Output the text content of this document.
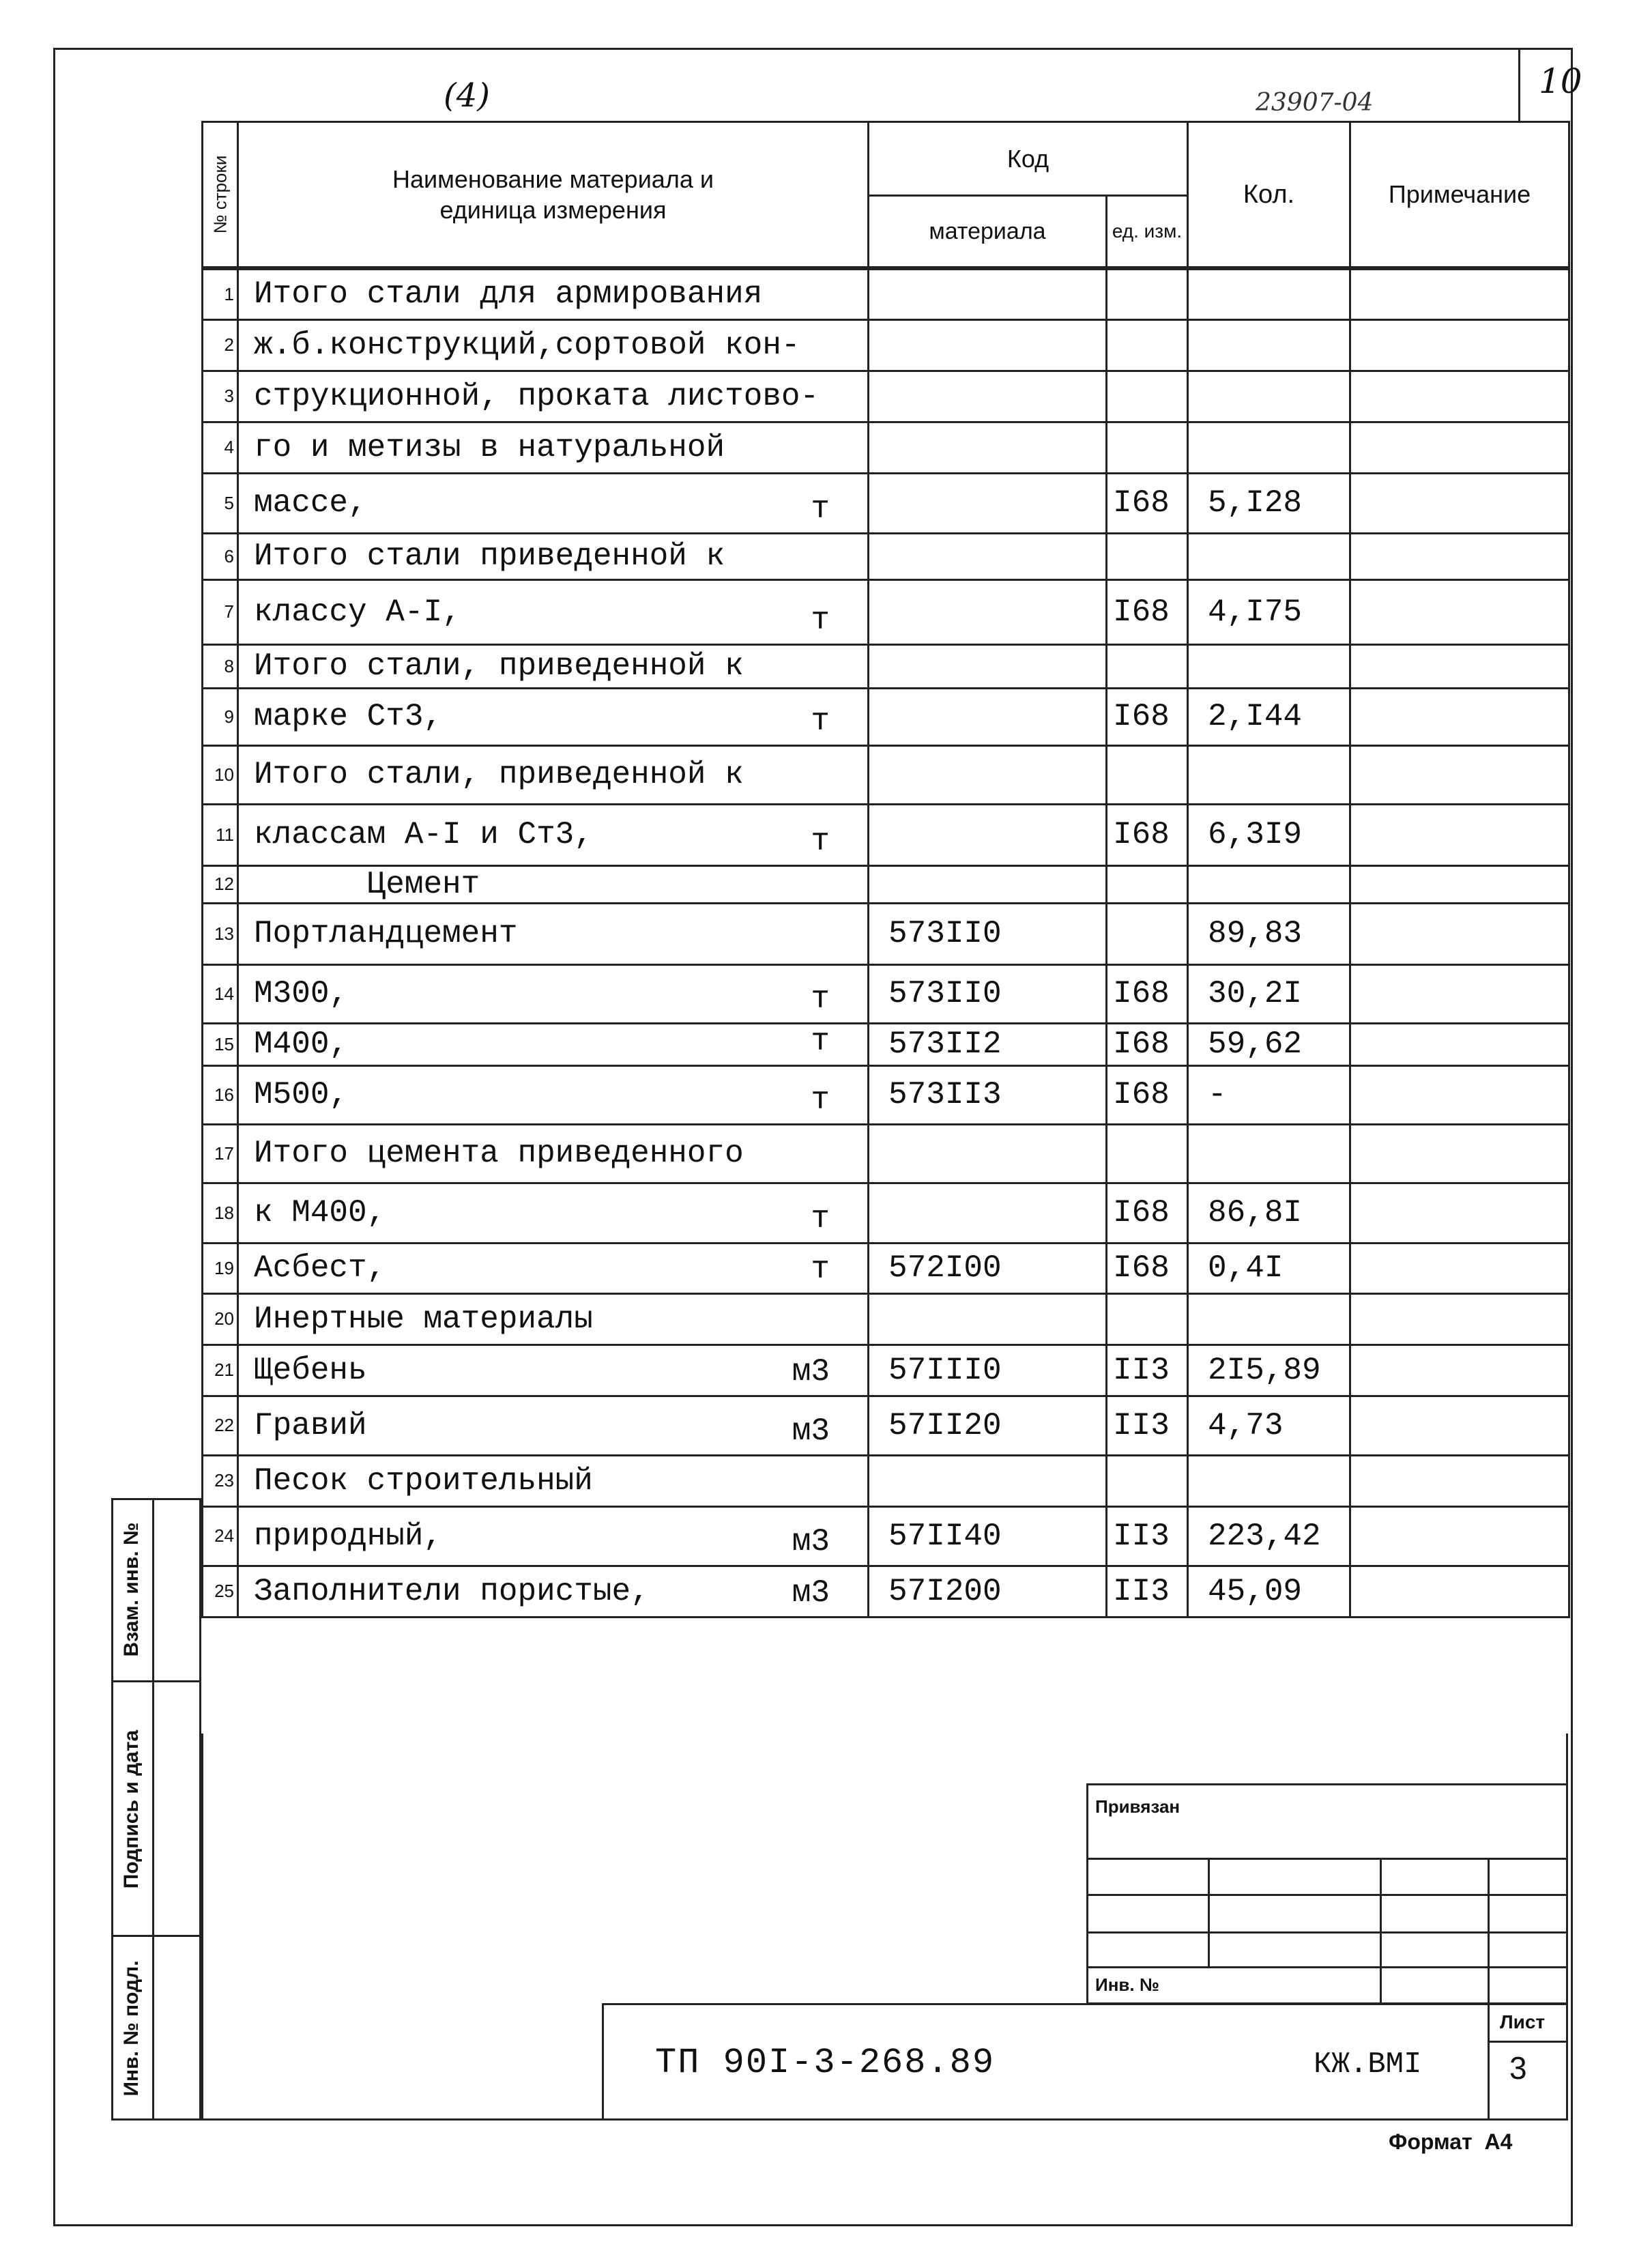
10
(4)	23907-04
№ строки	Наименование материала и
единица измерения	Код		Кол.	Примечание
		материала	ед. изм.		
1	Итого стали для армирования

2	ж.б.конструкций,сортовой кон-

3	струкционной, проката листово-

4	го и метизы в натуральной

5	массе, т		I68	5,I28	
6	Итого стали приведенной к

7	классу А-I, т		I68	4,I75	
8	Итого стали, приведенной к

9	марке Ст3, т		I68	2,I44	
10	Итого стали, приведенной к

11	классам А-I и Ст3, т		I68	6,3I9	
12	Цемент

13	Портландцемент	573II0		89,83	
14	М300, т	573II0	I68	30,2I	
15	М400, т	573II2	I68	59,62	
16	М500, т	573II3	I68	-	
17	Итого цемента приведенного

18	к М400, т		I68	86,8I	
19	Асбест, т	572I00	I68	0,4I	
20	Инертные материалы

21	Щебень м3	57III0	II3	2I5,89	
22	Гравий м3	57II20	II3	4,73	
23	Песок строительный

24	природный, м3	57II40	II3	223,42	
25	Заполнители пористые, м3	57I200	II3	45,09	
Взам. инв. №
Подпись и дата
Инв. № подл.
Привязан
Инв. №
ТП 90I-3-268.89	КЖ.ВМI
Лист
3
Формат  А4
